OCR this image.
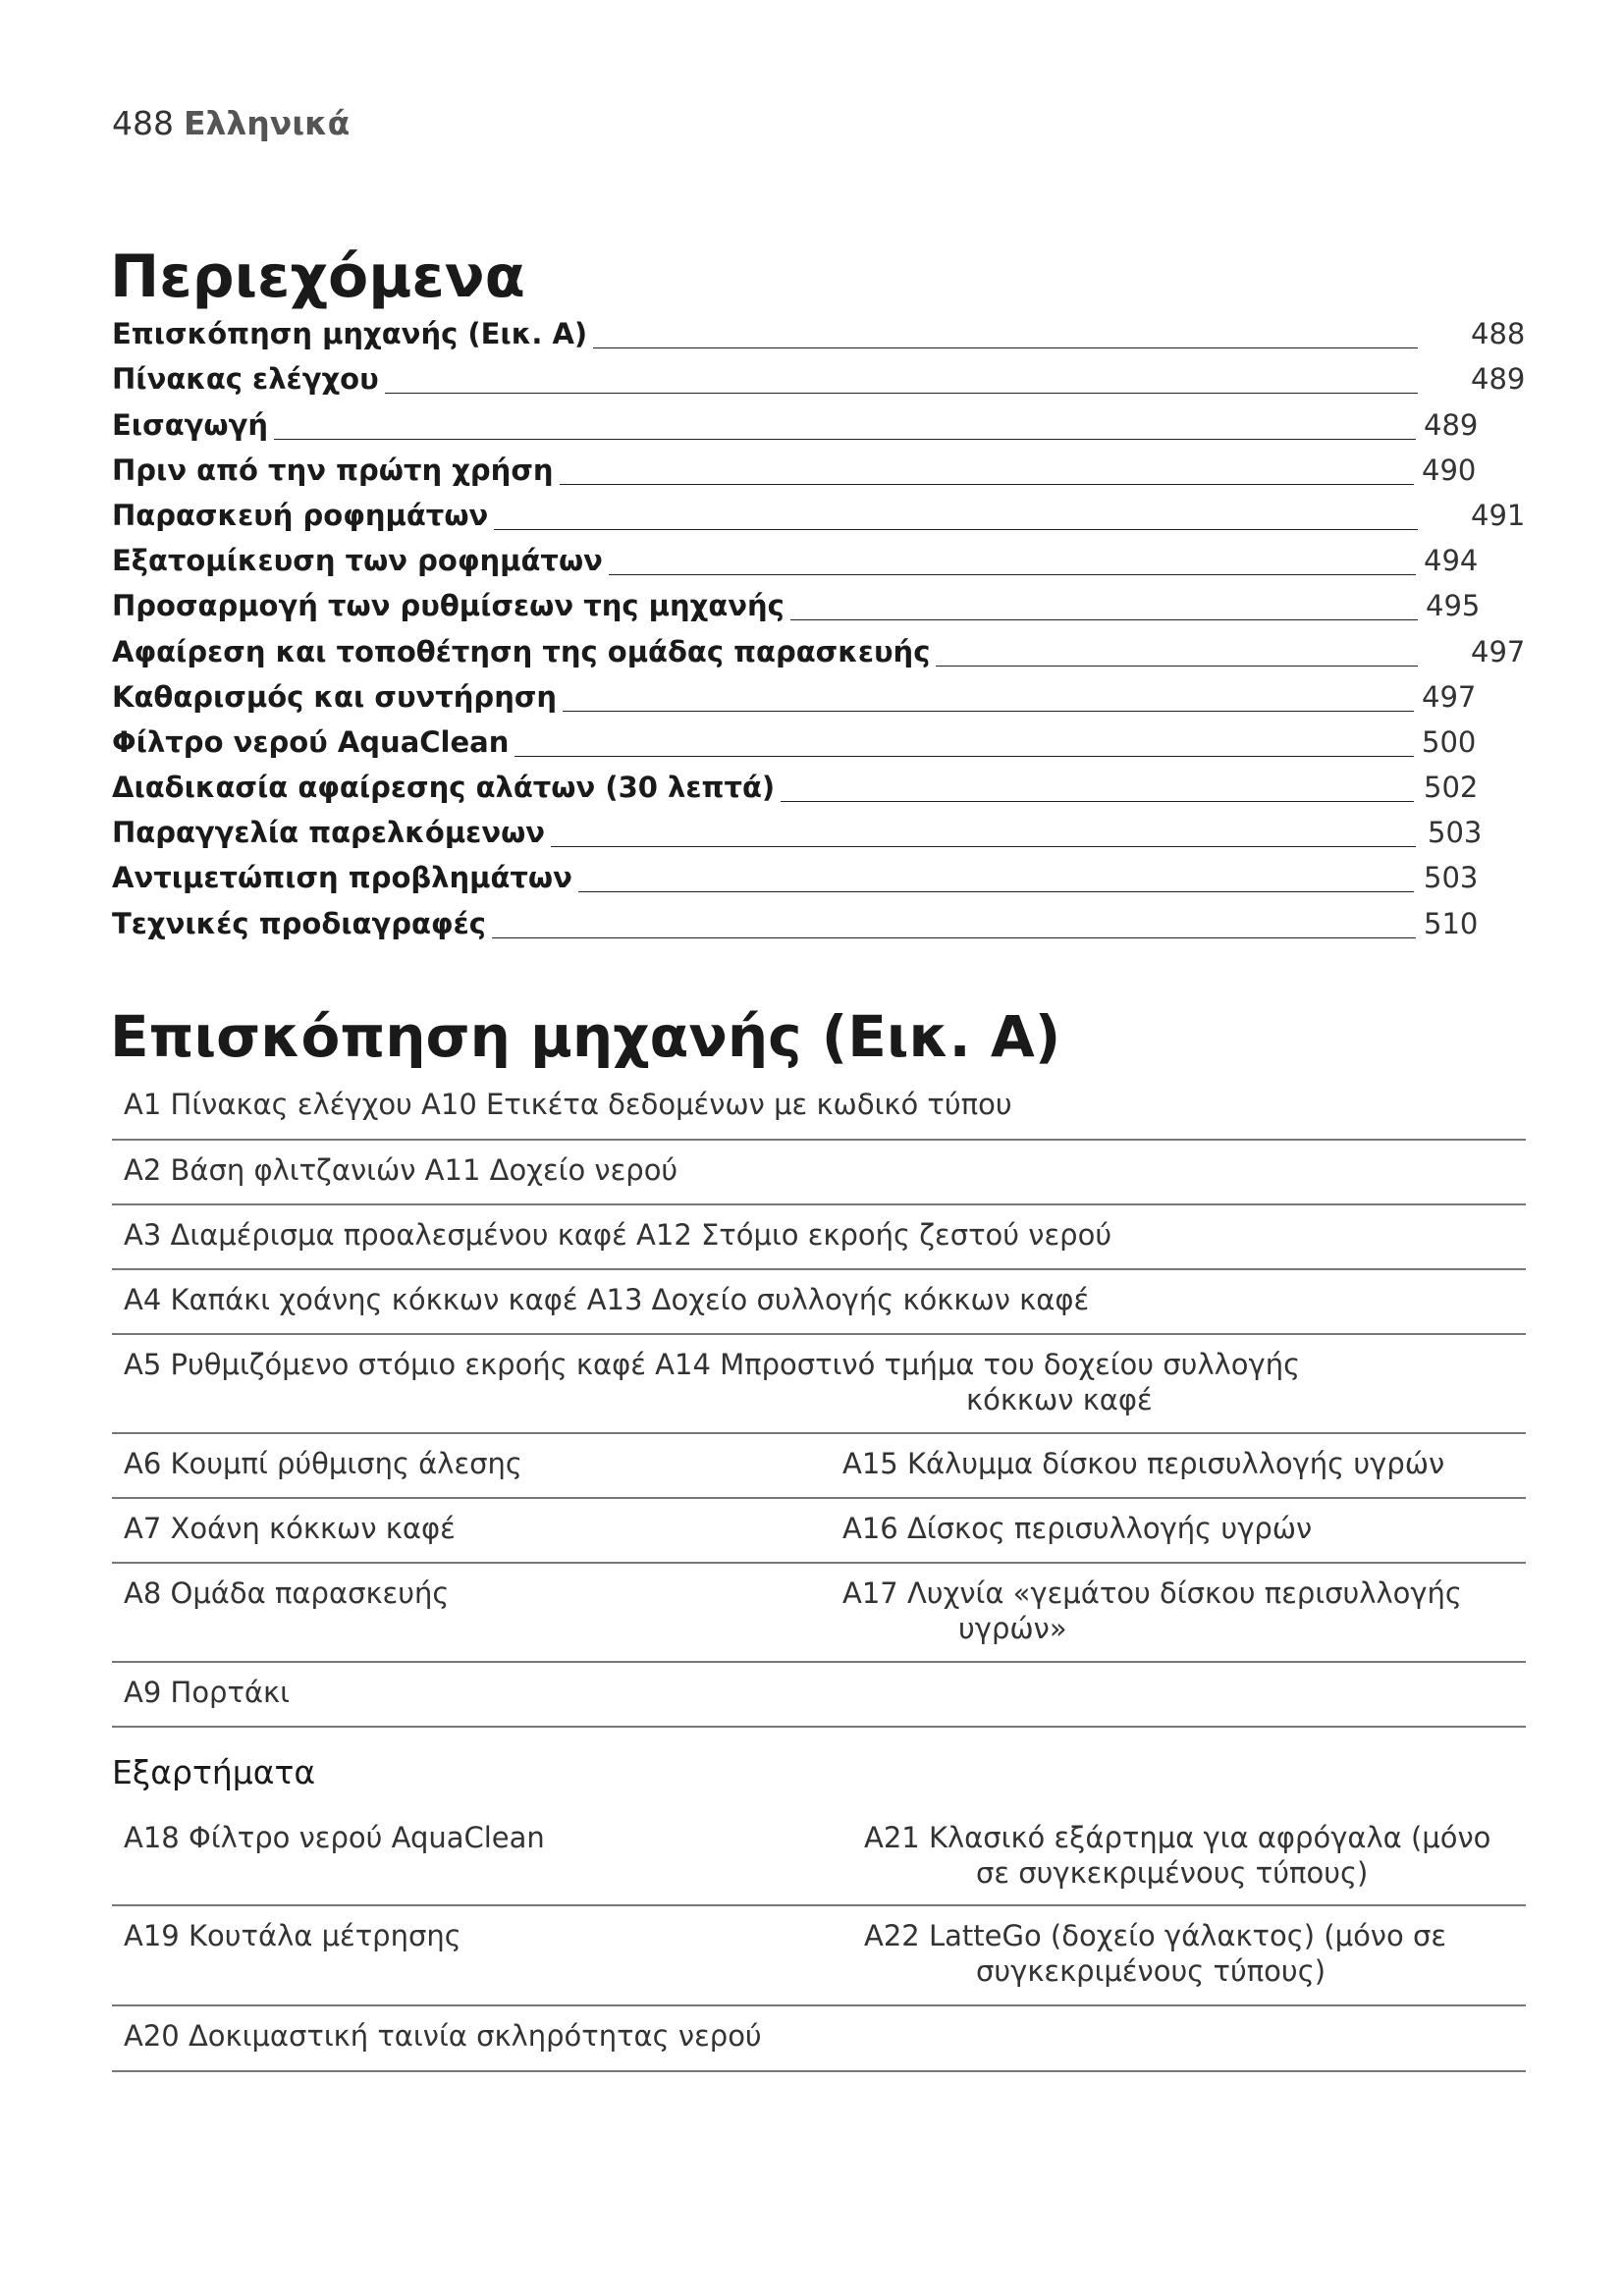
488 Ελληνικά
Περιεχόμενα
Επισκόπηση μηχανής (Εικ. A)	488
Πίνακας ελέγχου	489
Εισαγωγή	489
Πριν από την πρώτη χρήση	490
Παρασκευή ροφημάτων	491
Εξατομίκευση των ροφημάτων	494
Προσαρμογή των ρυθμίσεων της μηχανής	495
Αφαίρεση και τοποθέτηση της ομάδας παρασκευής	497
Καθαρισμός και συντήρηση	497
Φίλτρο νερού AquaClean	500
Διαδικασία αφαίρεσης αλάτων (30 λεπτά)	502
Παραγγελία παρελκόμενων	503
Αντιμετώπιση προβλημάτων	503
Τεχνικές προδιαγραφές	510
Επισκόπηση μηχανής (Εικ. A)
A1 Πίνακας ελέγχου A10 Ετικέτα δεδομένων με κωδικό τύπου
A2 Βάση φλιτζανιών A11 Δοχείο νερού
A3 Διαμέρισμα προαλεσμένου καφέ A12 Στόμιο εκροής ζεστού νερού
A4 Καπάκι χοάνης κόκκων καφέ A13 Δοχείο συλλογής κόκκων καφέ
A5 Ρυθμιζόμενο στόμιο εκροής καφέ A14 Μπροστινό τμήμα του δοχείου συλλογής
κόκκων καφέ
A6 Κουμπί ρύθμισης άλεσης	A15 Κάλυμμα δίσκου περισυλλογής υγρών
A7 Χοάνη κόκκων καφέ	A16 Δίσκος περισυλλογής υγρών
A8 Ομάδα παρασκευής	A17 Λυχνία «γεμάτου δίσκου περισυλλογής
υγρών»
A9 Πορτάκι
Εξαρτήματα
A18 Φίλτρο νερού AquaClean	A21 Κλασικό εξάρτημα για αφρόγαλα (μόνο
σε συγκεκριμένους τύπους)
A19 Κουτάλα μέτρησης	A22 LatteGo (δοχείο γάλακτος) (μόνο σε
συγκεκριμένους τύπους)
A20 Δοκιμαστική ταινία σκληρότητας νερού
